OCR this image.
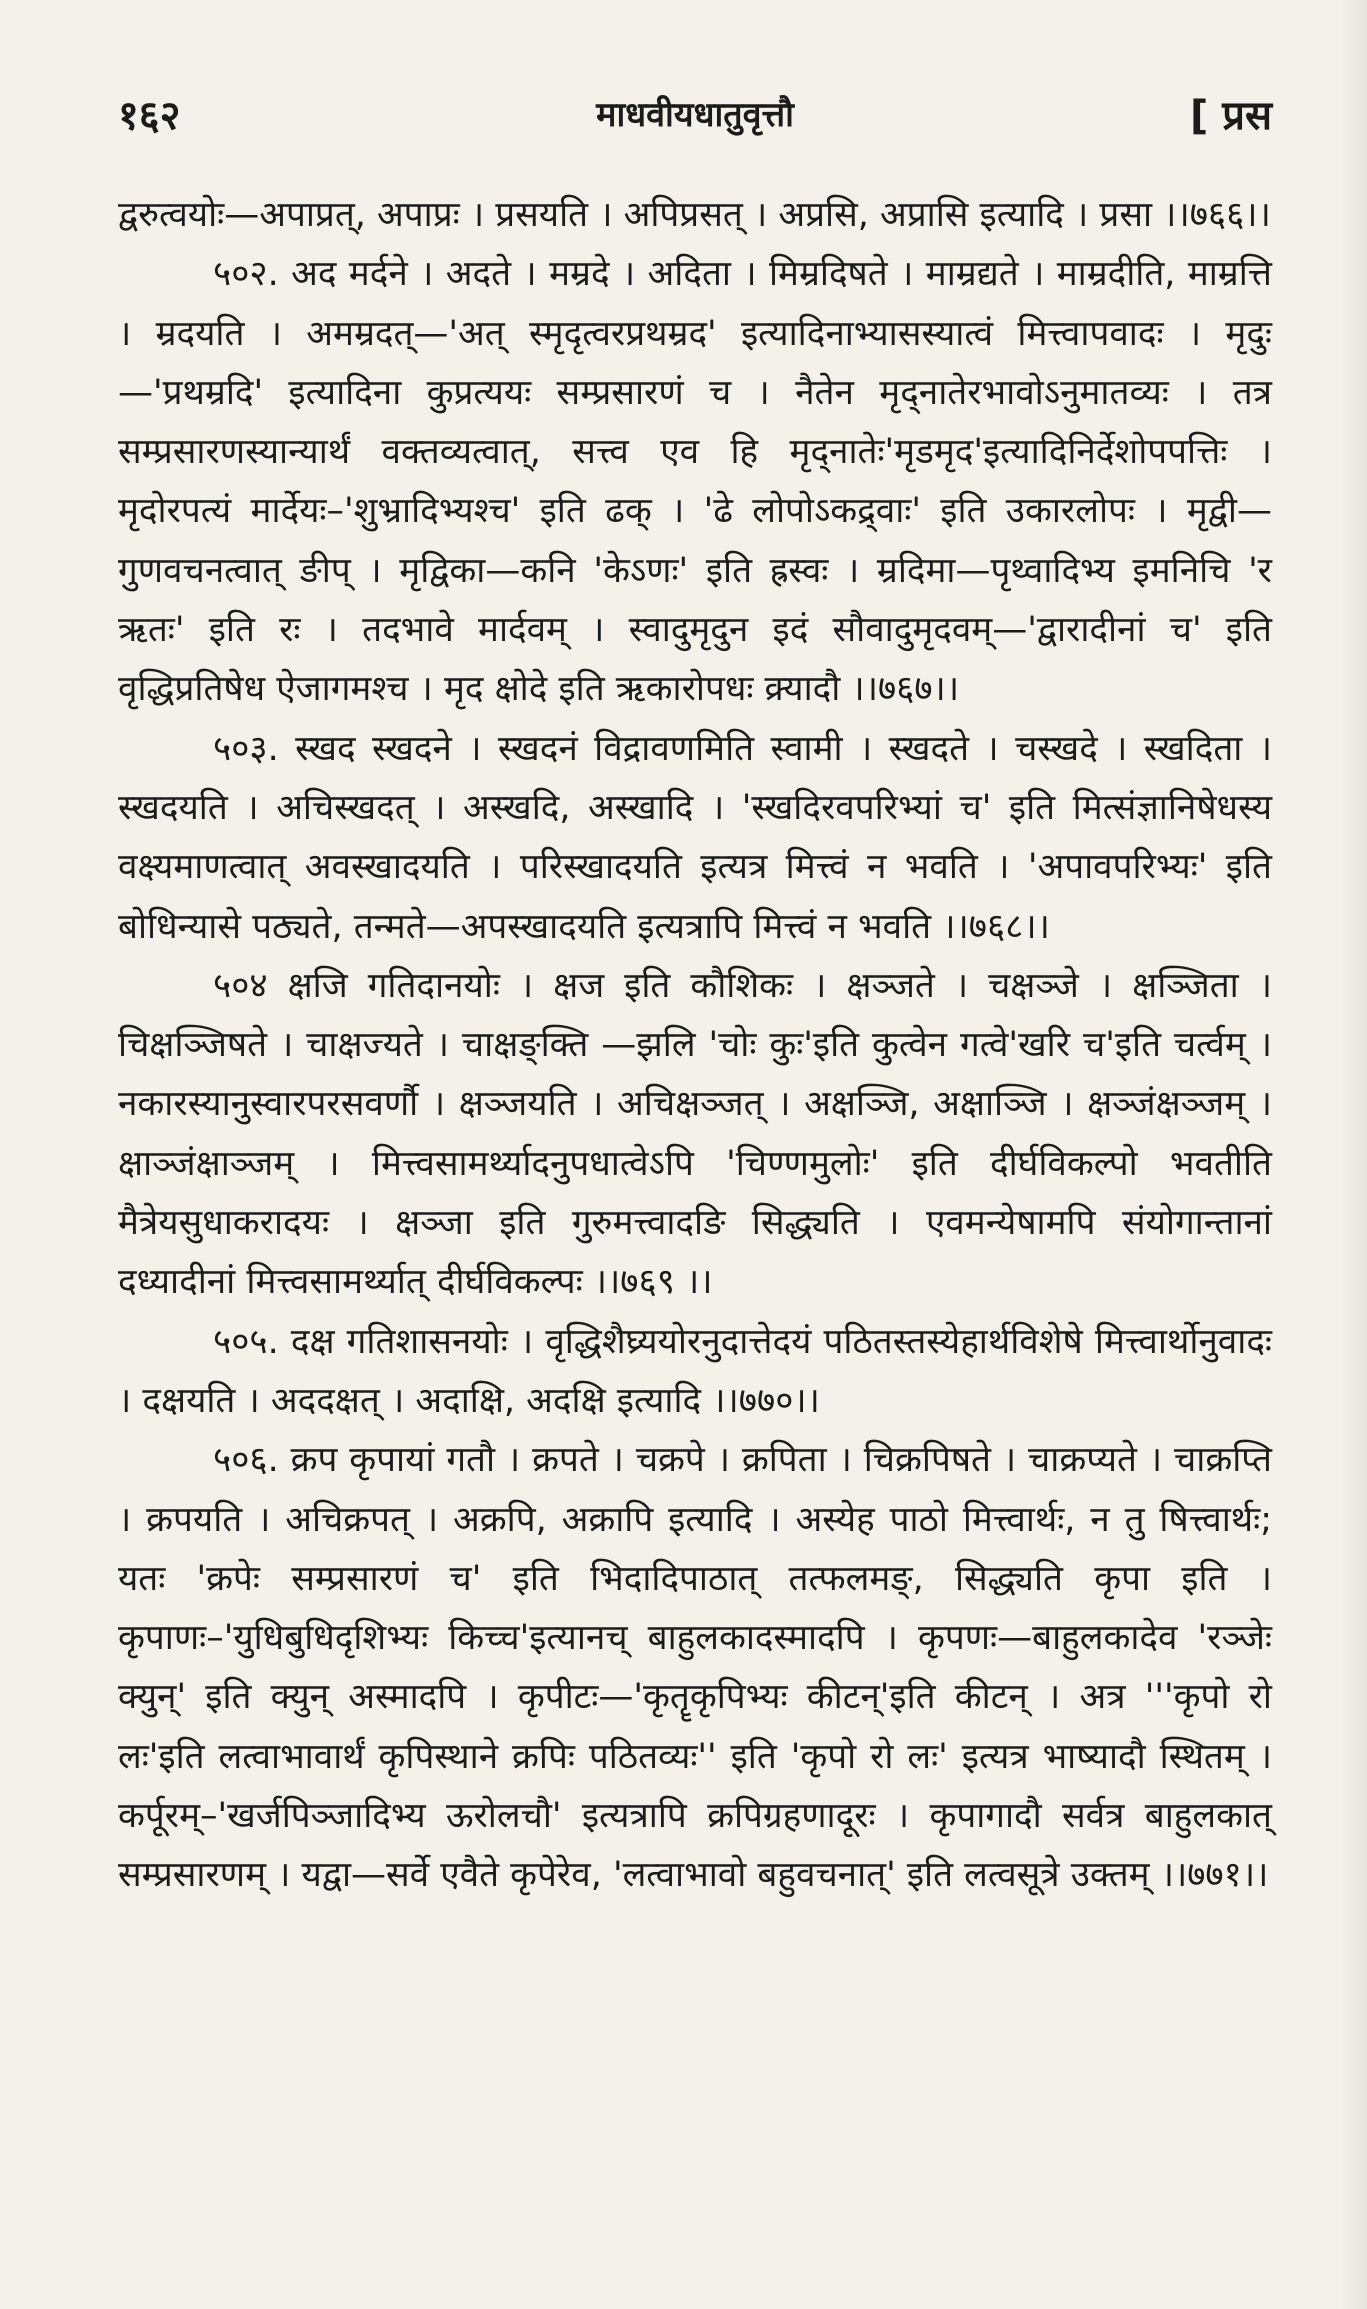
१६२	माधवीयधातुवृत्तौ	[ प्रस

द्वरुत्वयोः—अपाप्रत्, अपाप्रः । प्रसयति । अपिप्रसत् । अप्रसि, अप्रासि इत्यादि । प्रसा ।।७६६।।

५०२. अद मर्दने । अदते । मम्रदे । अदिता । मिम्रदिषते । माम्रद्यते । माम्रदीति, माम्रत्ति । म्रदयति । अमम्रदत्—'अत् स्मृदृत्वरप्रथम्रद' इत्यादिनाभ्यासस्यात्वं मित्त्वापवादः । मृदुः—'प्रथम्रदि' इत्यादिना कुप्रत्ययः सम्प्रसारणं च । नैतेन मृद्नातेरभावोऽनुमातव्यः । तत्र सम्प्रसारणस्यान्यार्थं वक्तव्यत्वात्, सत्त्व एव हि मृद्नातेः'मृडमृद'इत्यादिनिर्देशोपपत्तिः । मृदोरपत्यं मार्देयः–'शुभ्रादिभ्यश्च' इति ढक् । 'ढे लोपोऽकद्र्वाः' इति उकारलोपः । मृद्वी—गुणवचनत्वात् ङीप् । मृद्विका—कनि 'केऽणः' इति ह्रस्वः । म्रदिमा—पृथ्वादिभ्य इमनिचि 'र ऋतः' इति रः । तदभावे मार्दवम् । स्वादुमृदुन इदं सौवादुमृदवम्—'द्वारादीनां च' इति वृद्धिप्रतिषेध ऐजागमश्च । मृद क्षोदे इति ऋकारोपधः क्र्यादौ ।।७६७।।

५०३. स्खद स्खदने । स्खदनं विद्रावणमिति स्वामी । स्खदते । चस्खदे । स्खदिता । स्खदयति । अचिस्खदत् । अस्खदि, अस्खादि । 'स्खदिरवपरिभ्यां च' इति मित्संज्ञानिषेधस्य वक्ष्यमाणत्वात् अवस्खादयति । परिस्खादयति इत्यत्र मित्त्वं न भवति । 'अपावपरिभ्यः' इति बोधिन्यासे पठ्यते, तन्मते—अपस्खादयति इत्यत्रापि मित्त्वं न भवति ।।७६८।।

५०४ क्षजि गतिदानयोः । क्षज इति कौशिकः । क्षञ्जते । चक्षञ्जे । क्षञ्जिता । चिक्षञ्जिषते । चाक्षज्यते । चाक्षङ्क्ति —झलि 'चोः कुः'इति कुत्वेन गत्वे'खरि च'इति चर्त्वम् । नकारस्यानुस्वारपरसवर्णौ । क्षञ्जयति । अचिक्षञ्जत् । अक्षञ्जि, अक्षाञ्जि । क्षञ्जंक्षञ्जम् । क्षाञ्जंक्षाञ्जम् । मित्त्वसामर्थ्यादनुपधात्वेऽपि 'चिण्णमुलोः' इति दीर्घविकल्पो भवतीति मैत्रेयसुधाकरादयः । क्षञ्जा इति गुरुमत्त्वादङि सिद्ध्यति । एवमन्येषामपि संयोगान्तानां दध्यादीनां मित्त्वसामर्थ्यात् दीर्घविकल्पः ।।७६९ ।।

५०५. दक्ष गतिशासनयोः । वृद्धिशैघ्र्ययोरनुदात्तेदयं पठितस्तस्येहार्थविशेषे मित्त्वार्थोनुवादः । दक्षयति । अददक्षत् । अदाक्षि, अदक्षि इत्यादि ।।७७०।।

५०६. क्रप कृपायां गतौ । क्रपते । चक्रपे । क्रपिता । चिक्रपिषते । चाक्रप्यते । चाक्रप्ति । क्रपयति । अचिक्रपत् । अक्रपि, अक्रापि इत्यादि । अस्येह पाठो मित्त्वार्थः, न तु षित्त्वार्थः; यतः 'क्रपेः सम्प्रसारणं च' इति भिदादिपाठात् तत्फलमङ्, सिद्ध्यति कृपा इति । कृपाणः–'युधिबुधिदृशिभ्यः किच्च'इत्यानच् बाहुलकादस्मादपि । कृपणः—बाहुलकादेव 'रञ्जेः क्युन्' इति क्युन् अस्मादपि । कृपीटः—'कृतॄकृपिभ्यः कीटन्'इति कीटन् । अत्र '''कृपो रो लः'इति लत्वाभावार्थं कृपिस्थाने क्रपिः पठितव्यः'' इति 'कृपो रो लः' इत्यत्र भाष्यादौ स्थितम् । कर्पूरम्–'खर्जपिञ्जादिभ्य ऊरोलचौ' इत्यत्रापि क्रपिग्रहणादूरः । कृपागादौ सर्वत्र बाहुलकात् सम्प्रसारणम् । यद्वा—सर्वे एवैते कृपेरेव, 'लत्वाभावो बहुवचनात्' इति लत्वसूत्रे उक्तम् ।।७७१।।
